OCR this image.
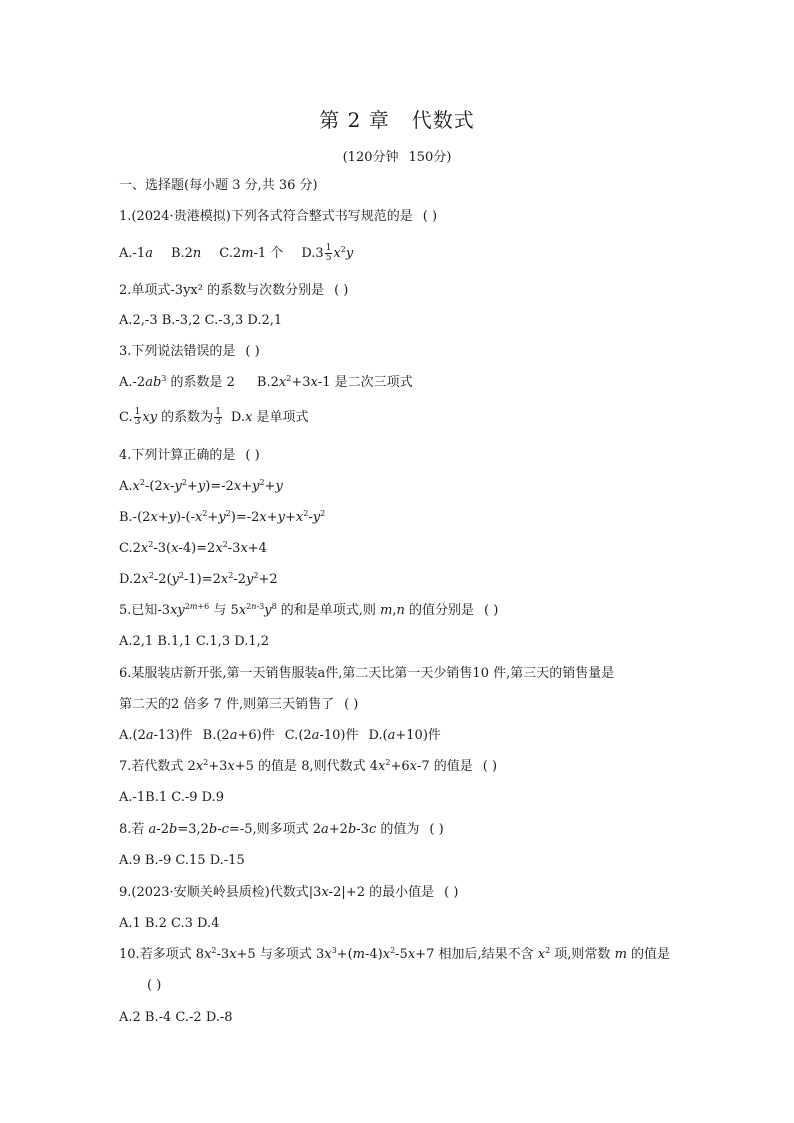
第 2 章 代数式
(120分钟 150分)
一、选择题(每小题 3 分,共 36 分)
1.(2024·贵港模拟)下列各式符合整式书写规范的是 ( )
A.-1a B.2n C.2m-1 个 $D.3 \frac{1}{5} x^2y$
2.单项式-3yx² 的系数与次数分别是 ( )
A.2,-3 B.-3,2 C.-3,3 D.2,1
3.下列说法错误的是 ( )
$A.-2ab^3$ 的系数是 2 $B.2x^2+3x-1$ 是二次三项式
C. $\frac{1}{3}$ xy 的系数为 $\frac{1}{3} D.x$ 是单项式
4.下列计算正确的是 ( )
$A.x^2-(2x-y^2+y)=-2x+y^2+y$
$B.-(2x+y)-(-x^2+y^2)=-2x+y+x^2-y^2$
$C.2x^2-3(x-4)=2x^2-3x+4$
$D.2x^2-2(y^2-1)=2x^2-2y^2+2$
5.已知$-3xy^{2m+6}$ 与 $5x^{2n-3}y^8$ 的和是单项式,则 m,n 的值分别是 ( )
A.2,1 B.1,1 C.1,3 D.1,2
6.某服装店新开张,第一天销售服装a件,第二天比第一天少销售10 件,第三天的销售量是
第二天的2 倍多 7 件,则第三天销售了 ( )
A.(2a-13)件 B.(2a+6)件 C.(2a-10)件 D.(a+10)件
7.若代数式 $2x^2+3x+5$ 的值是 8,则代数式 $4x^2+6x-7$ 的值是 ( )
A.-1B.1 C.-9 D.9
8.若 a-2b=3,2b-c=-5,则多项式 2a+2b-3c 的值为 ( )
A.9 B.-9 C.15 D.-15
9.(2023·安顺关岭县质检)代数式|3x-2|+2 的最小值是 ( )
A.1 B.2 C.3 D.4
10.若多项式 $8x^2-3x+5$ 与多项式 $3x^3+(m-4)x^2-5x+7$ 相加后,结果不含 $x^2$ 项,则常数 m 的值是
( )
A.2 B.-4 C.-2 D.-8
